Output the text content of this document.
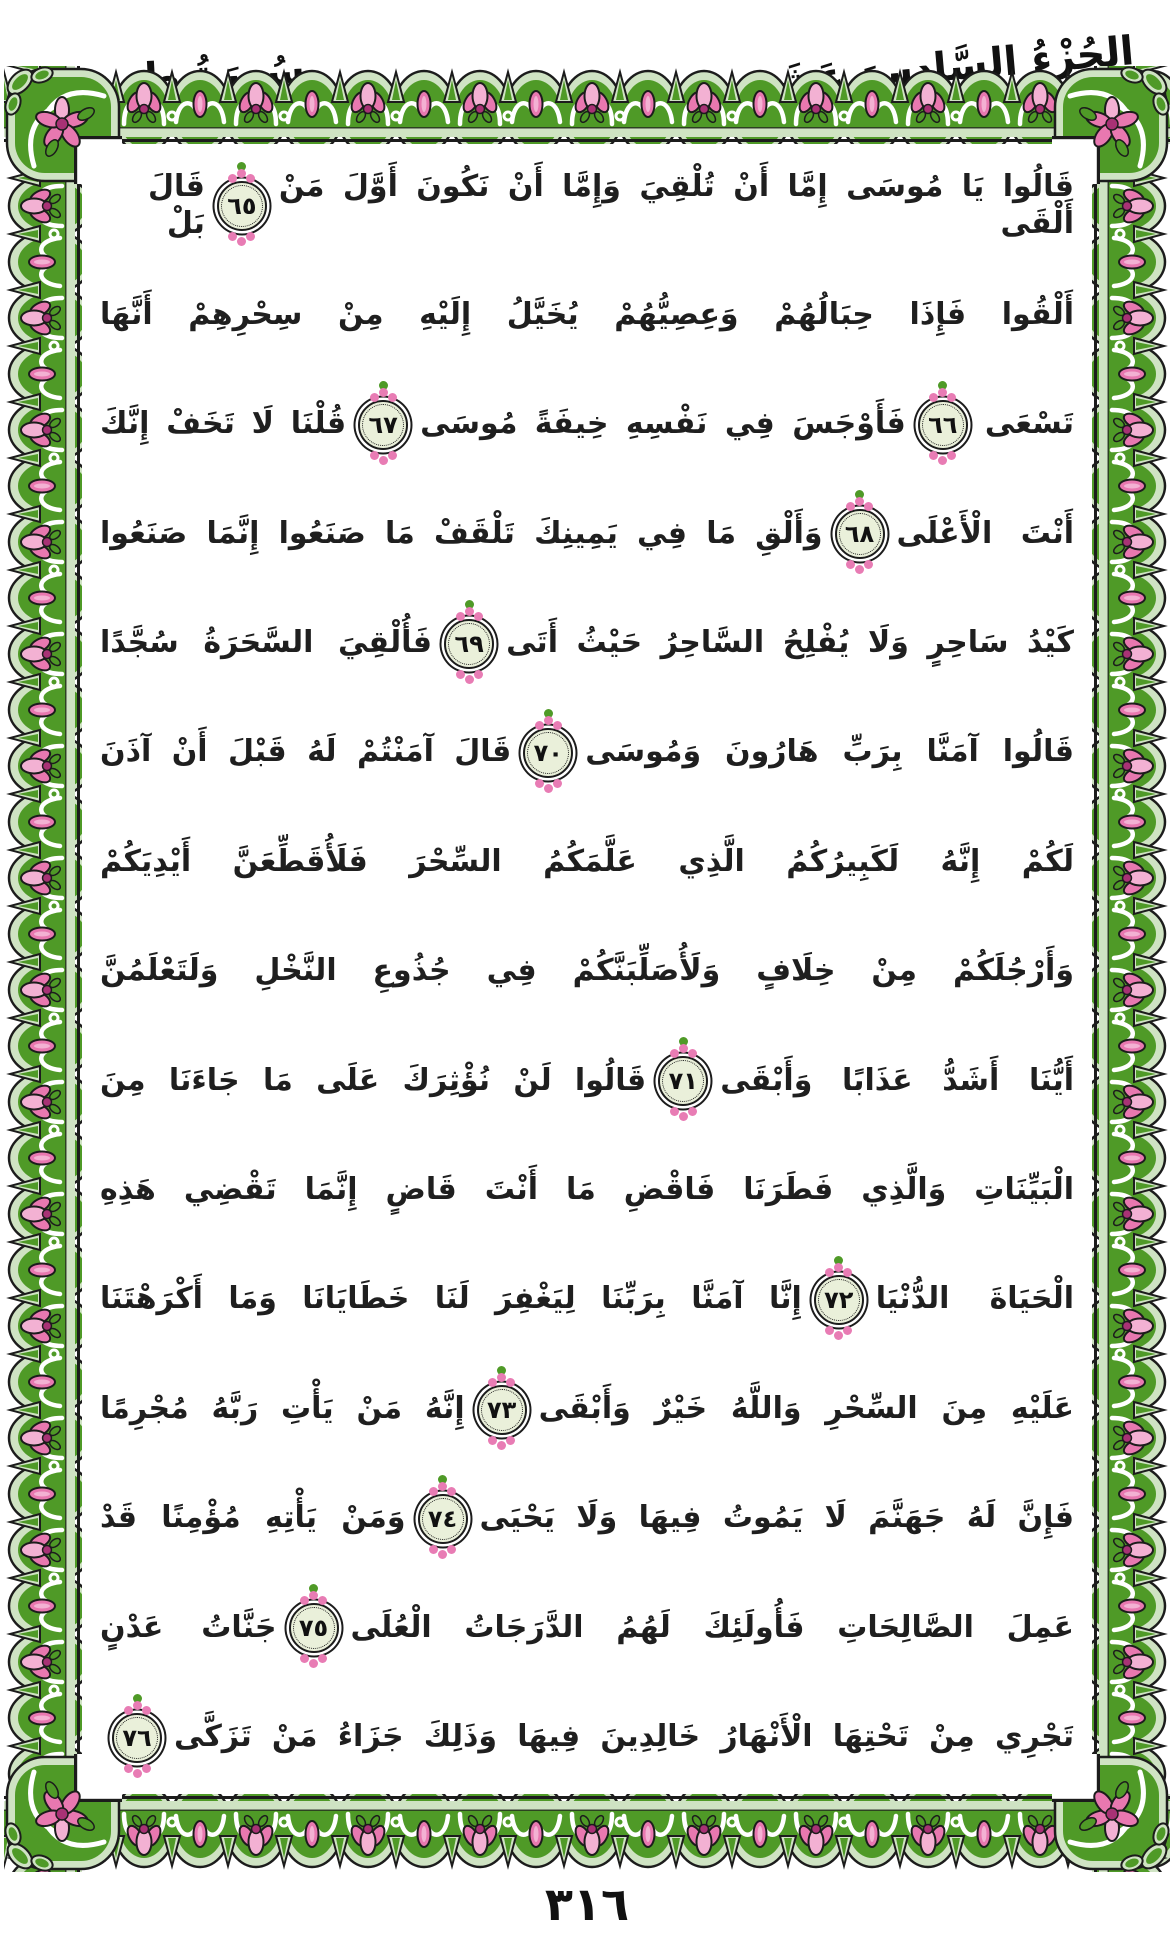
قَالُوا يَا مُوسَى إِمَّا أَنْ تُلْقِيَ وَإِمَّا أَنْ نَكُونَ أَوَّلَ مَنْ أَلْقَى
٦٥
قَالَ بَلْ
أَلْقُوا فَإِذَا حِبَالُهُمْ وَعِصِيُّهُمْ يُخَيَّلُ إِلَيْهِ مِنْ سِحْرِهِمْ أَنَّهَا
تَسْعَى
٦٦
فَأَوْجَسَ فِي نَفْسِهِ خِيفَةً مُوسَى
٦٧
قُلْنَا لَا تَخَفْ إِنَّكَ
أَنْتَ الْأَعْلَى
٦٨
وَأَلْقِ مَا فِي يَمِينِكَ تَلْقَفْ مَا صَنَعُوا إِنَّمَا صَنَعُوا
كَيْدُ سَاحِرٍ وَلَا يُفْلِحُ السَّاحِرُ حَيْثُ أَتَى
٦٩
فَأُلْقِيَ السَّحَرَةُ سُجَّدًا
قَالُوا آمَنَّا بِرَبِّ هَارُونَ وَمُوسَى
٧٠
قَالَ آمَنْتُمْ لَهُ قَبْلَ أَنْ آذَنَ
لَكُمْ إِنَّهُ لَكَبِيرُكُمُ الَّذِي عَلَّمَكُمُ السِّحْرَ فَلَأُقَطِّعَنَّ أَيْدِيَكُمْ
وَأَرْجُلَكُمْ مِنْ خِلَافٍ وَلَأُصَلِّبَنَّكُمْ فِي جُذُوعِ النَّخْلِ وَلَتَعْلَمُنَّ
أَيُّنَا أَشَدُّ عَذَابًا وَأَبْقَى
٧١
قَالُوا لَنْ نُؤْثِرَكَ عَلَى مَا جَاءَنَا مِنَ
الْبَيِّنَاتِ وَالَّذِي فَطَرَنَا فَاقْضِ مَا أَنْتَ قَاضٍ إِنَّمَا تَقْضِي هَذِهِ
الْحَيَاةَ الدُّنْيَا
٧٢
إِنَّا آمَنَّا بِرَبِّنَا لِيَغْفِرَ لَنَا خَطَايَانَا وَمَا أَكْرَهْتَنَا
عَلَيْهِ مِنَ السِّحْرِ وَاللَّهُ خَيْرٌ وَأَبْقَى
٧٣
إِنَّهُ مَنْ يَأْتِ رَبَّهُ مُجْرِمًا
فَإِنَّ لَهُ جَهَنَّمَ لَا يَمُوتُ فِيهَا وَلَا يَحْيَى
٧٤
وَمَنْ يَأْتِهِ مُؤْمِنًا قَدْ
عَمِلَ الصَّالِحَاتِ فَأُولَئِكَ لَهُمُ الدَّرَجَاتُ الْعُلَى
٧٥
جَنَّاتُ عَدْنٍ
تَجْرِي مِنْ تَحْتِهَا الْأَنْهَارُ خَالِدِينَ فِيهَا وَذَلِكَ جَزَاءُ مَنْ تَزَكَّى
٧٦
٣١٦
